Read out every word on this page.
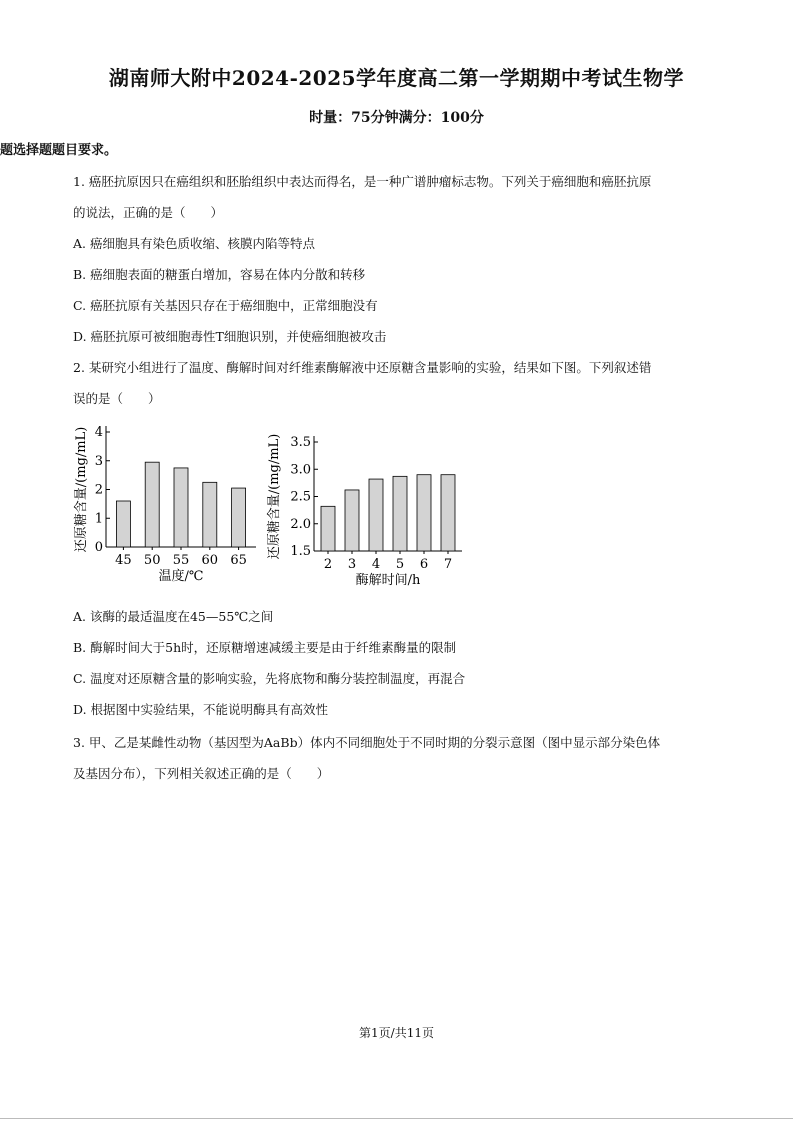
湖南师大附中2024-2025学年度高二第一学期期中考试生物学
时量：75分钟满分：100分
题选择题题目要求。
1. 癌胚抗原因只在癌组织和胚胎组织中表达而得名，是一种广谱肿瘤标志物。下列关于癌细胞和癌胚抗原
的说法，正确的是（　　）
A. 癌细胞具有染色质收缩、核膜内陷等特点
B. 癌细胞表面的糖蛋白增加，容易在体内分散和转移
C. 癌胚抗原有关基因只存在于癌细胞中，正常细胞没有
D. 癌胚抗原可被细胞毒性T细胞识别，并使癌细胞被攻击
2. 某研究小组进行了温度、酶解时间对纤维素酶解液中还原糖含量影响的实验，结果如下图。下列叙述错
误的是（　　）
0
1
2
3
4
45 50 55 60 65
温度/℃
还原糖含量/(mg/mL)	1.5
2.0
2.5
3.0
3.5
2 3 4 5 6 7
酶解时间/h
还原糖含量/(mg/mL)
A. 该酶的最适温度在45—55℃之间
B. 酶解时间大于5h时，还原糖增速减缓主要是由于纤维素酶量的限制
C. 温度对还原糖含量的影响实验，先将底物和酶分装控制温度，再混合
D. 根据图中实验结果，不能说明酶具有高效性
3. 甲、乙是某雌性动物（基因型为AaBb）体内不同细胞处于不同时期的分裂示意图（图中显示部分染色体
及基因分布），下列相关叙述正确的是（　　）
第1页/共11页
